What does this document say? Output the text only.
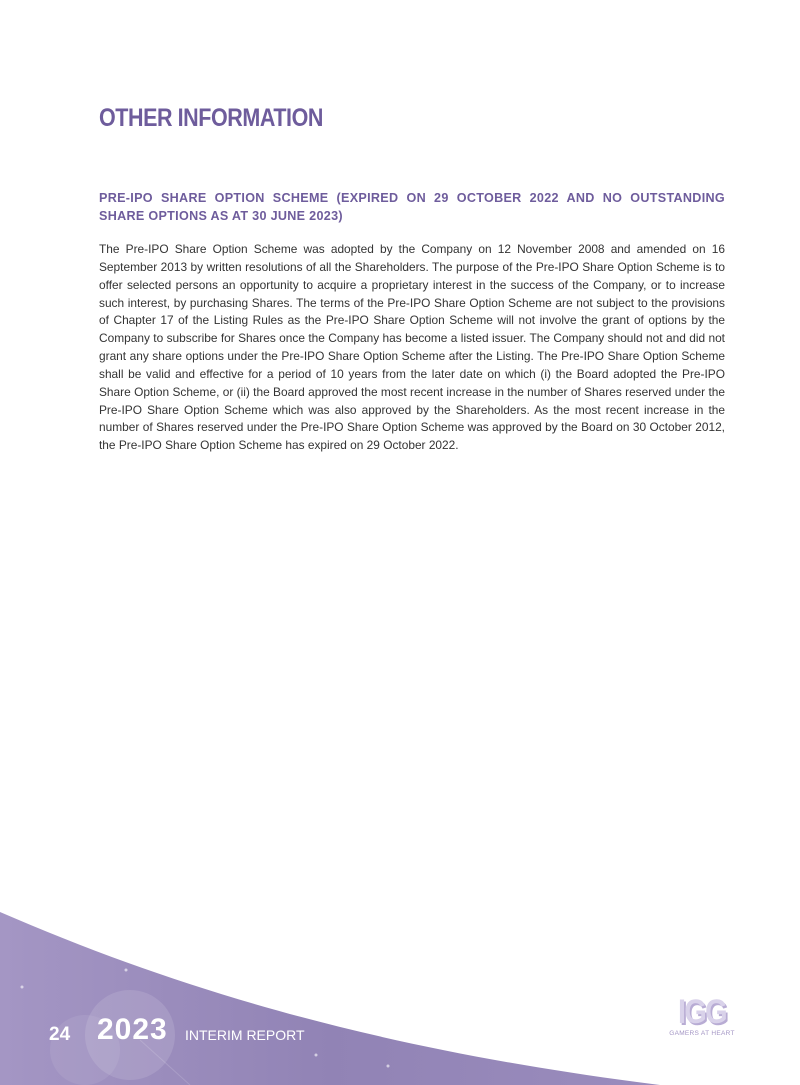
OTHER INFORMATION
PRE-IPO SHARE OPTION SCHEME (EXPIRED ON 29 OCTOBER 2022 AND NO OUTSTANDING SHARE OPTIONS AS AT 30 JUNE 2023)
The Pre-IPO Share Option Scheme was adopted by the Company on 12 November 2008 and amended on 16 September 2013 by written resolutions of all the Shareholders. The purpose of the Pre-IPO Share Option Scheme is to offer selected persons an opportunity to acquire a proprietary interest in the success of the Company, or to increase such interest, by purchasing Shares. The terms of the Pre-IPO Share Option Scheme are not subject to the provisions of Chapter 17 of the Listing Rules as the Pre-IPO Share Option Scheme will not involve the grant of options by the Company to subscribe for Shares once the Company has become a listed issuer. The Company should not and did not grant any share options under the Pre-IPO Share Option Scheme after the Listing. The Pre-IPO Share Option Scheme shall be valid and effective for a period of 10 years from the later date on which (i) the Board adopted the Pre-IPO Share Option Scheme, or (ii) the Board approved the most recent increase in the number of Shares reserved under the Pre-IPO Share Option Scheme which was also approved by the Shareholders. As the most recent increase in the number of Shares reserved under the Pre-IPO Share Option Scheme was approved by the Board on 30 October 2012, the Pre-IPO Share Option Scheme has expired on 29 October 2022.
24 2023 INTERIM REPORT
IGG
GAMERS AT HEART
